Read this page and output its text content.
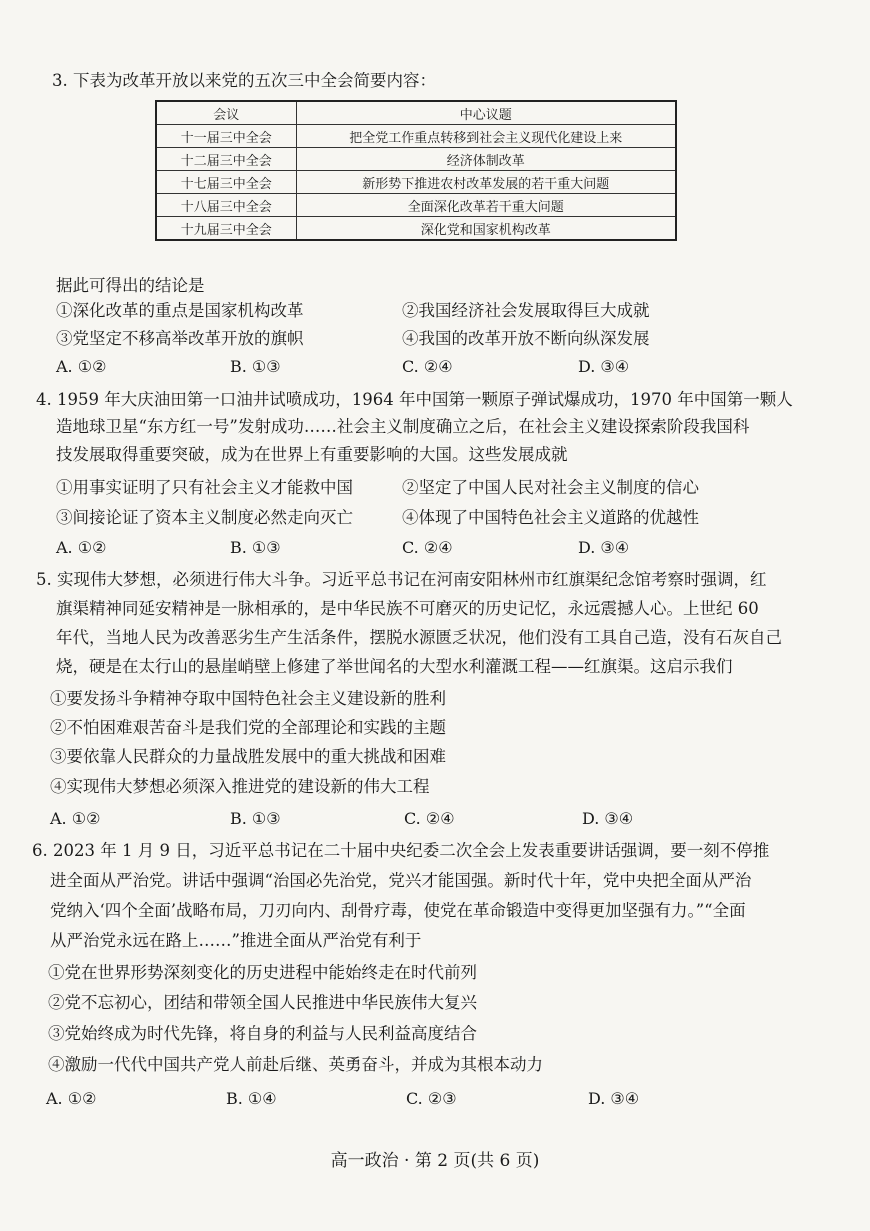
3. 下表为改革开放以来党的五次三中全会简要内容：
会议	中心议题
十一届三中全会	把全党工作重点转移到社会主义现代化建设上来
十二届三中全会	经济体制改革
十七届三中全会	新形势下推进农村改革发展的若干重大问题
十八届三中全会	全面深化改革若干重大问题
十九届三中全会	深化党和国家机构改革
据此可得出的结论是
①深化改革的重点是国家机构改革	②我国经济社会发展取得巨大成就
③党坚定不移高举改革开放的旗帜	④我国的改革开放不断向纵深发展
A. ①②	B. ①③	C. ②④	D. ③④
4. 1959 年大庆油田第一口油井试喷成功，1964 年中国第一颗原子弹试爆成功，1970 年中国第一颗人
造地球卫星“东方红一号”发射成功……社会主义制度确立之后，在社会主义建设探索阶段我国科
技发展取得重要突破，成为在世界上有重要影响的大国。这些发展成就
①用事实证明了只有社会主义才能救中国	②坚定了中国人民对社会主义制度的信心
③间接论证了资本主义制度必然走向灭亡	④体现了中国特色社会主义道路的优越性
A. ①②	B. ①③	C. ②④	D. ③④
5. 实现伟大梦想，必须进行伟大斗争。习近平总书记在河南安阳林州市红旗渠纪念馆考察时强调，红
旗渠精神同延安精神是一脉相承的，是中华民族不可磨灭的历史记忆，永远震撼人心。上世纪 60
年代，当地人民为改善恶劣生产生活条件，摆脱水源匮乏状况，他们没有工具自己造，没有石灰自己
烧，硬是在太行山的悬崖峭壁上修建了举世闻名的大型水利灌溉工程——红旗渠。这启示我们
①要发扬斗争精神夺取中国特色社会主义建设新的胜利
②不怕困难艰苦奋斗是我们党的全部理论和实践的主题
③要依靠人民群众的力量战胜发展中的重大挑战和困难
④实现伟大梦想必须深入推进党的建设新的伟大工程
A. ①②	B. ①③	C. ②④	D. ③④
6. 2023 年 1 月 9 日，习近平总书记在二十届中央纪委二次全会上发表重要讲话强调，要一刻不停推
进全面从严治党。讲话中强调“治国必先治党，党兴才能国强。新时代十年，党中央把全面从严治
党纳入‘四个全面’战略布局，刀刃向内、刮骨疗毒，使党在革命锻造中变得更加坚强有力。”“全面
从严治党永远在路上……”推进全面从严治党有利于
①党在世界形势深刻变化的历史进程中能始终走在时代前列
②党不忘初心，团结和带领全国人民推进中华民族伟大复兴
③党始终成为时代先锋，将自身的利益与人民利益高度结合
④激励一代代中国共产党人前赴后继、英勇奋斗，并成为其根本动力
A. ①②	B. ①④	C. ②③	D. ③④
高一政治 · 第 2 页(共 6 页)
